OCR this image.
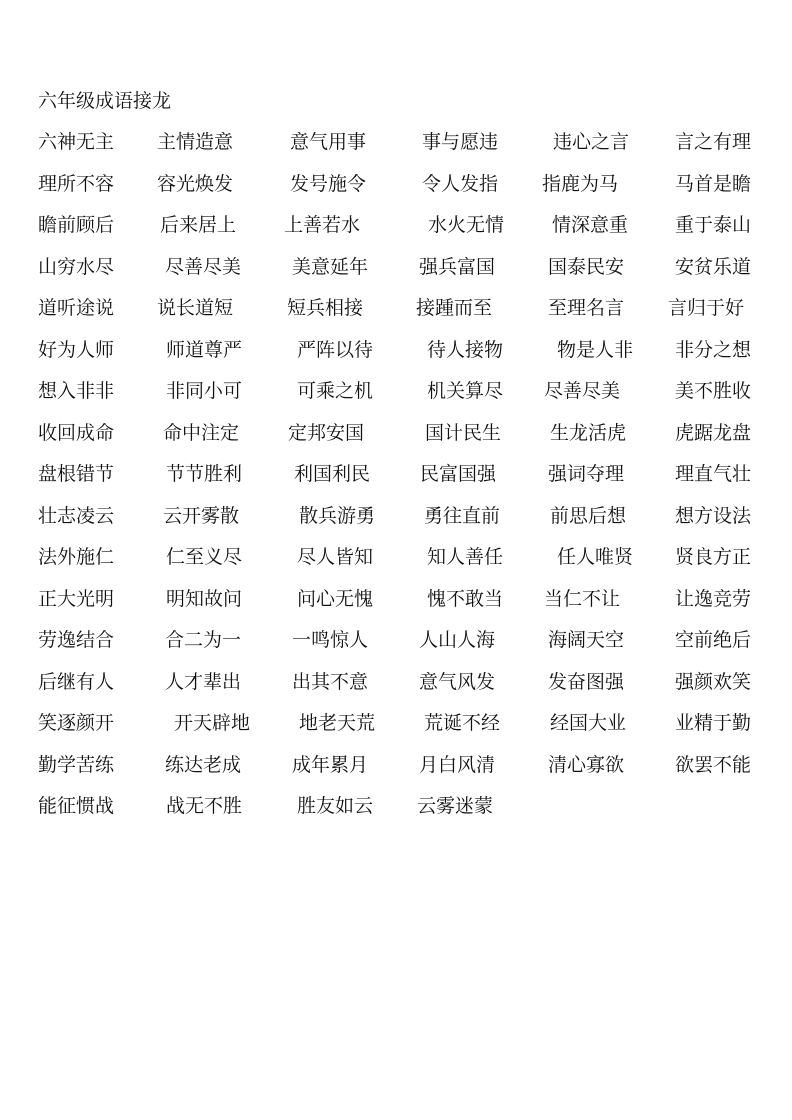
六年级成语接龙
六神无主 主情造意	意气用事	事与愿违	违心之言 言之有理
理所不容 容光焕发	发号施令	令人发指 指鹿为马	马首是瞻
瞻前顾后 后来居上	上善若水	水火无情	情深意重 重于泰山
山穷水尽	尽善尽美	美意延年	强兵富国	国泰民安	安贫乐道
道听途说 说长道短	短兵相接	接踵而至	至理名言 言归于好
好为人师	师道尊严	严阵以待	待人接物	物是人非 非分之想
想入非非	非同小可	可乘之机	机关算尽 尽善尽美	美不胜收
收回成命	命中注定	定邦安国	国计民生	生龙活虎	虎踞龙盘
盘根错节	节节胜利	利国利民	民富国强	强词夺理	理直气壮
壮志凌云	云开雾散	散兵游勇	勇往直前	前思后想	想方设法
法外施仁	仁至义尽	尽人皆知	知人善任	任人唯贤 贤良方正
正大光明	明知故问	问心无愧	愧不敢当 当仁不让	让逸竞劳
劳逸结合	合二为一	一鸣惊人	人山人海	海阔天空	空前绝后
后继有人	人才辈出	出其不意	意气风发	发奋图强	强颜欢笑
笑逐颜开	开天辟地	地老天荒	荒诞不经	经国大业	业精于勤
勤学苦练	练达老成	成年累月	月白风清	清心寡欲	欲罢不能
能征惯战	战无不胜	胜友如云 云雾迷蒙
